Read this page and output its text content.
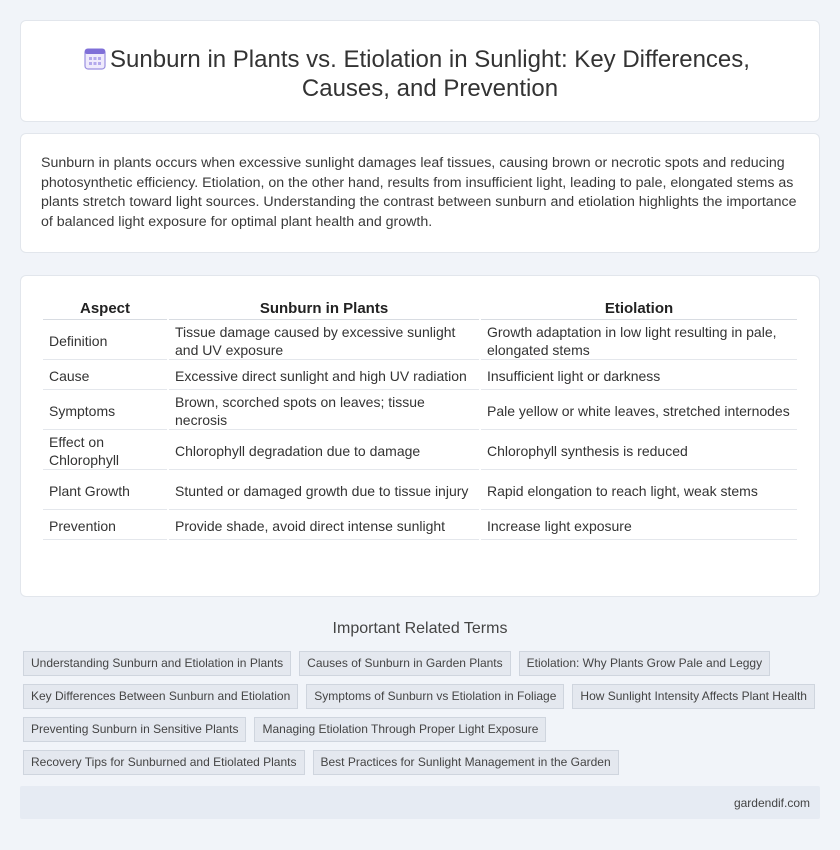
Sunburn in Plants vs. Etiolation in Sunlight: Key Differences, Causes, and Prevention

Sunburn in plants occurs when excessive sunlight damages leaf tissues, causing brown or necrotic spots and reducing photosynthetic efficiency. Etiolation, on the other hand, results from insufficient light, leading to pale, elongated stems as plants stretch toward light sources. Understanding the contrast between sunburn and etiolation highlights the importance of balanced light exposure for optimal plant health and growth.

Aspect	Sunburn in Plants	Etiolation
Definition	Tissue damage caused by excessive sunlight and UV exposure	Growth adaptation in low light resulting in pale, elongated stems
Cause	Excessive direct sunlight and high UV radiation	Insufficient light or darkness
Symptoms	Brown, scorched spots on leaves; tissue necrosis	Pale yellow or white leaves, stretched internodes
Effect on Chlorophyll	Chlorophyll degradation due to damage	Chlorophyll synthesis is reduced
Plant Growth	Stunted or damaged growth due to tissue injury	Rapid elongation to reach light, weak stems
Prevention	Provide shade, avoid direct intense sunlight	Increase light exposure
Important Related Terms
Understanding Sunburn and Etiolation in Plants	Causes of Sunburn in Garden Plants	Etiolation: Why Plants Grow Pale and Leggy
Key Differences Between Sunburn and Etiolation	Symptoms of Sunburn vs Etiolation in Foliage	How Sunlight Intensity Affects Plant Health
Preventing Sunburn in Sensitive Plants	Managing Etiolation Through Proper Light Exposure
Recovery Tips for Sunburned and Etiolated Plants	Best Practices for Sunlight Management in the Garden
gardendif.com
